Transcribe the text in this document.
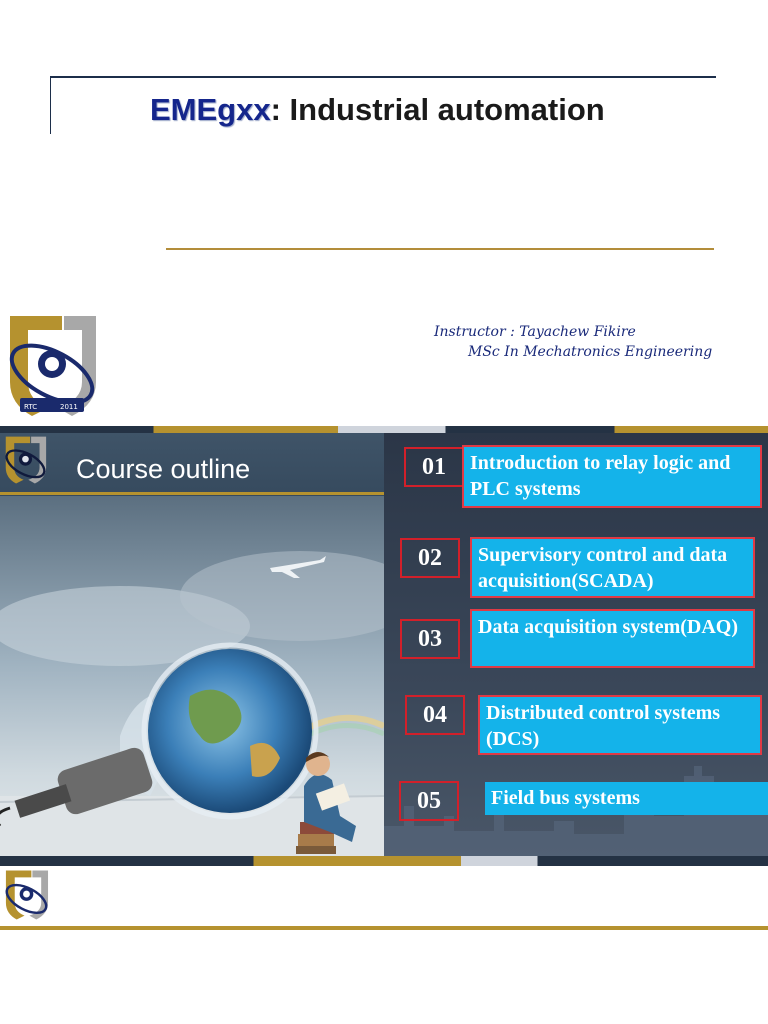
EMEgxx: Industrial automation
RTC	2011
Instructor : Tayachew Fikire
MSc In Mechatronics Engineering
Course outline	01	Introduction to relay logic and PLC systems
02	Supervisory control and data acquisition(SCADA)
03	Data acquisition system(DAQ)
04	Distributed control systems (DCS)
05	Field bus systems
